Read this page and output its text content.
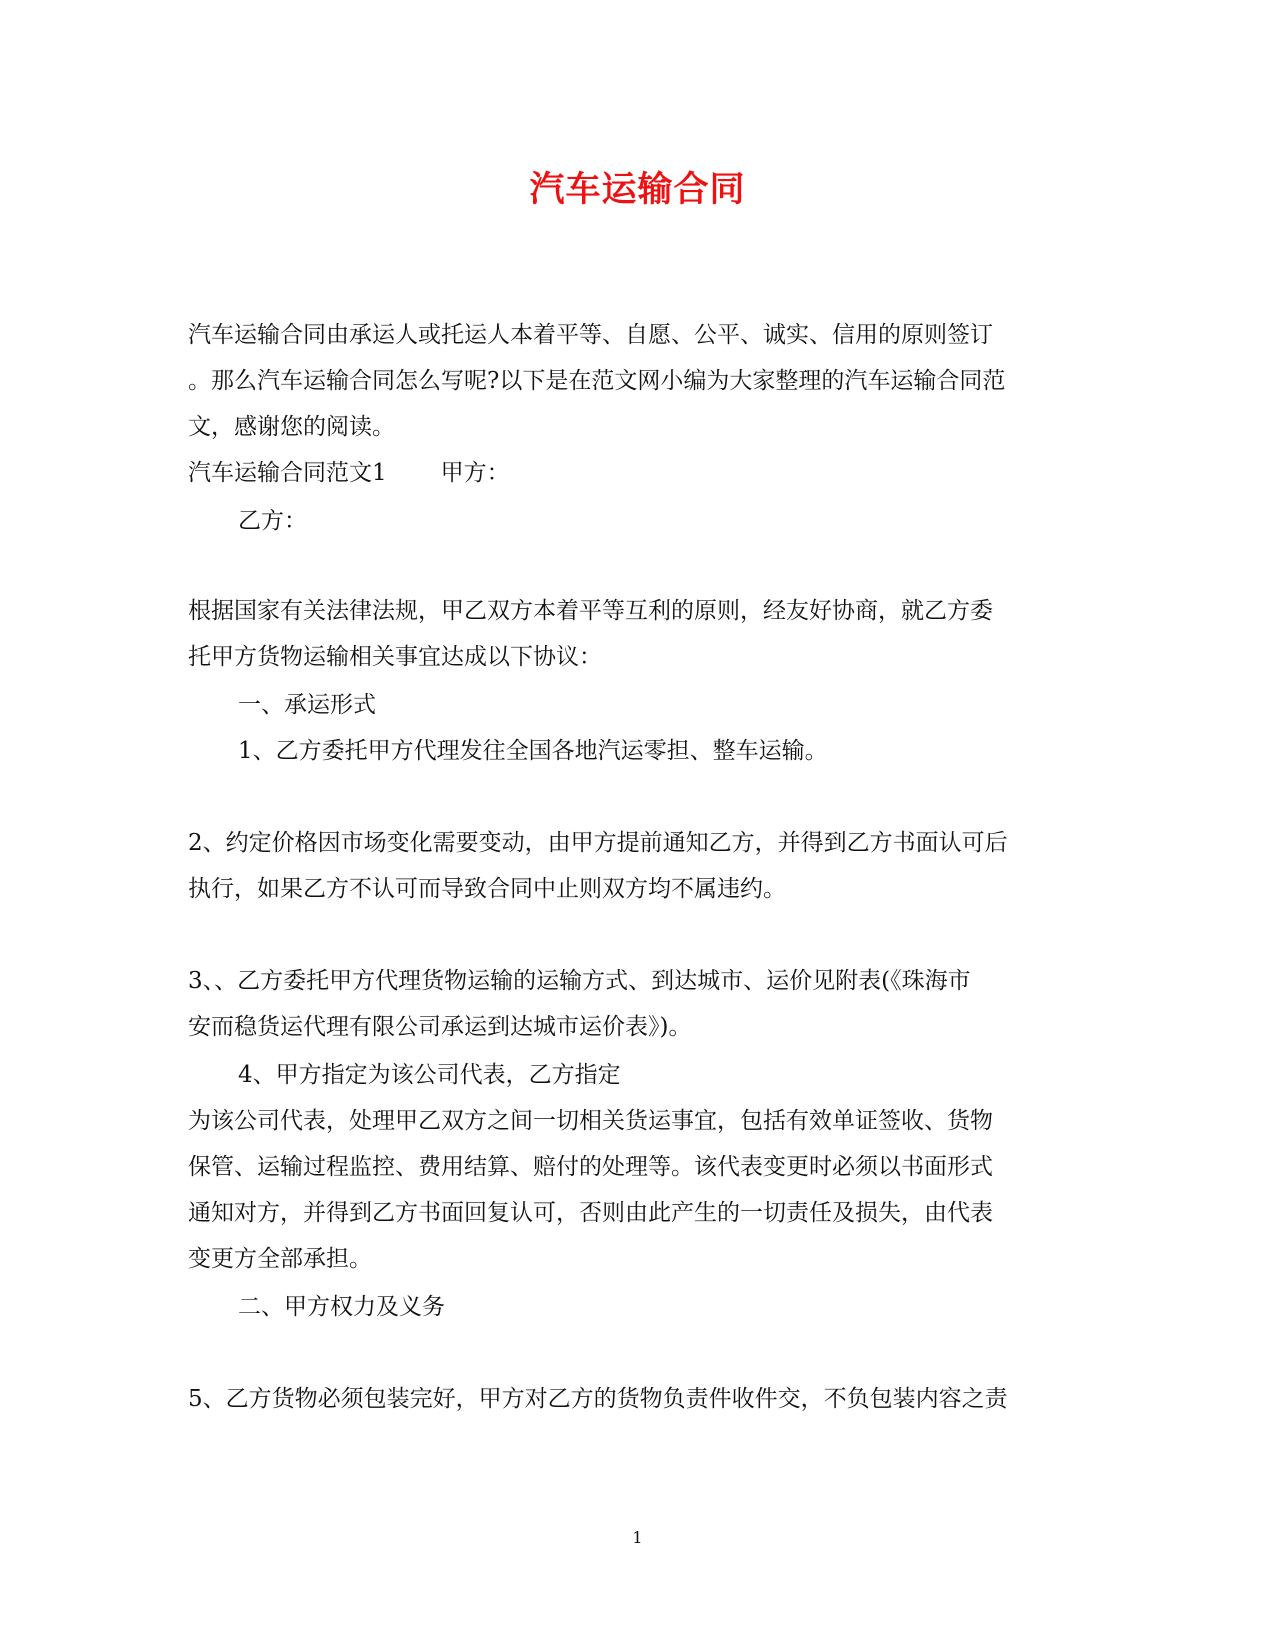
汽车运输合同
汽车运输合同由承运人或托运人本着平等、自愿、公平、诚实、信用的原则签订
。那么汽车运输合同怎么写呢?以下是在范文网小编为大家整理的汽车运输合同范
文，感谢您的阅读。
汽车运输合同范文1 甲方：
乙方：
根据国家有关法律法规，甲乙双方本着平等互利的原则，经友好协商，就乙方委
托甲方货物运输相关事宜达成以下协议：
一、承运形式
1、乙方委托甲方代理发往全国各地汽运零担、整车运输。
2、约定价格因市场变化需要变动，由甲方提前通知乙方，并得到乙方书面认可后
执行，如果乙方不认可而导致合同中止则双方均不属违约。
3、、乙方委托甲方代理货物运输的运输方式、到达城市、运价见附表(《珠海市
安而稳货运代理有限公司承运到达城市运价表》)。
4、甲方指定为该公司代表，乙方指定
为该公司代表，处理甲乙双方之间一切相关货运事宜，包括有效单证签收、货物
保管、运输过程监控、费用结算、赔付的处理等。该代表变更时必须以书面形式
通知对方，并得到乙方书面回复认可，否则由此产生的一切责任及损失，由代表
变更方全部承担。
二、甲方权力及义务
5、乙方货物必须包装完好，甲方对乙方的货物负责件收件交，不负包装内容之责
1
